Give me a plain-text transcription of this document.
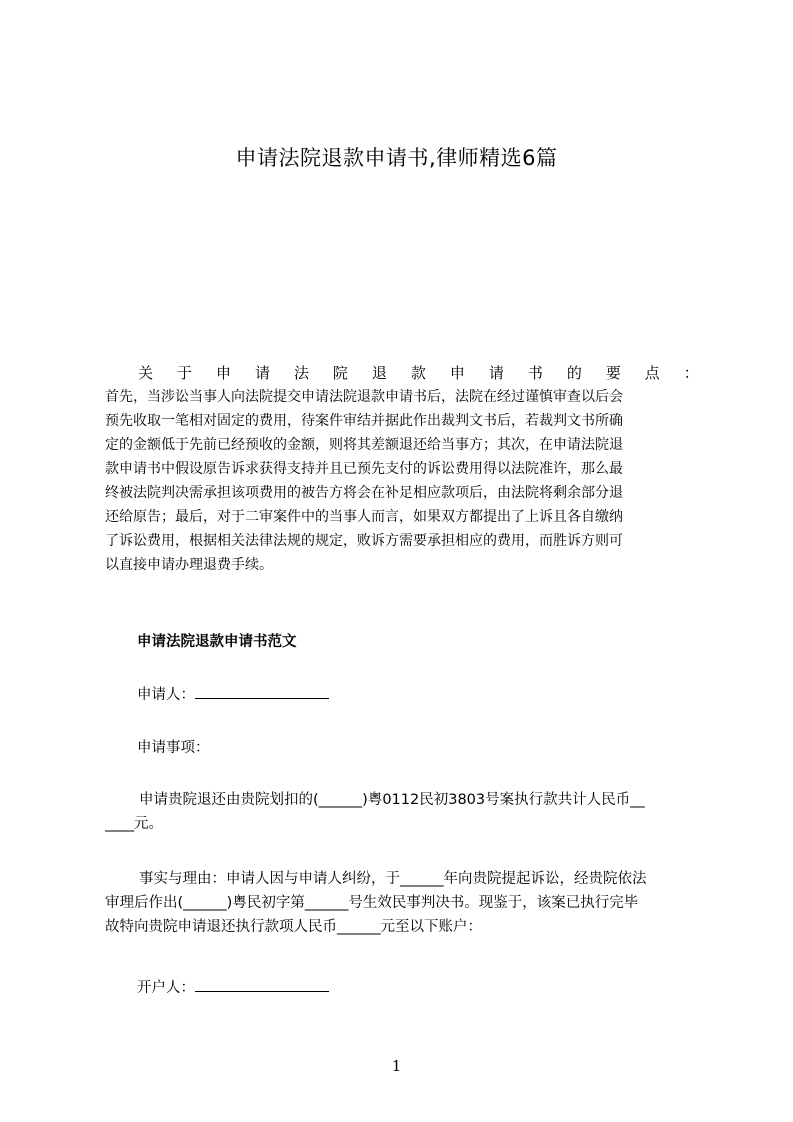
申请法院退款申请书,律师精选6篇
关 于 申 请 法 院 退 款 申 请 书 的 要 点 ：
首先，当涉讼当事人向法院提交申请法院退款申请书后，法院在经过谨慎审查以后会
预先收取一笔相对固定的费用，待案件审结并据此作出裁判文书后，若裁判文书所确
定的金额低于先前已经预收的金额，则将其差额退还给当事方；其次，在申请法院退
款申请书中假设原告诉求获得支持并且已预先支付的诉讼费用得以法院准许，那么最
终被法院判决需承担该项费用的被告方将会在补足相应款项后，由法院将剩余部分退
还给原告；最后，对于二审案件中的当事人而言，如果双方都提出了上诉且各自缴纳
了诉讼费用，根据相关法律法规的规定，败诉方需要承担相应的费用，而胜诉方则可
以直接申请办理退费手续。
申请法院退款申请书范文
申请人：
申请事项：
申请贵院退还由贵院划扣的(______)粤0112民初3803号案执行款共计人民币__
____元。
事实与理由：申请人因与申请人纠纷，于______年向贵院提起诉讼，经贵院依法
审理后作出(______)粤民初字第______号生效民事判决书。现鉴于，该案已执行完毕
故特向贵院申请退还执行款项人民币______元至以下账户：
开户人：
1
